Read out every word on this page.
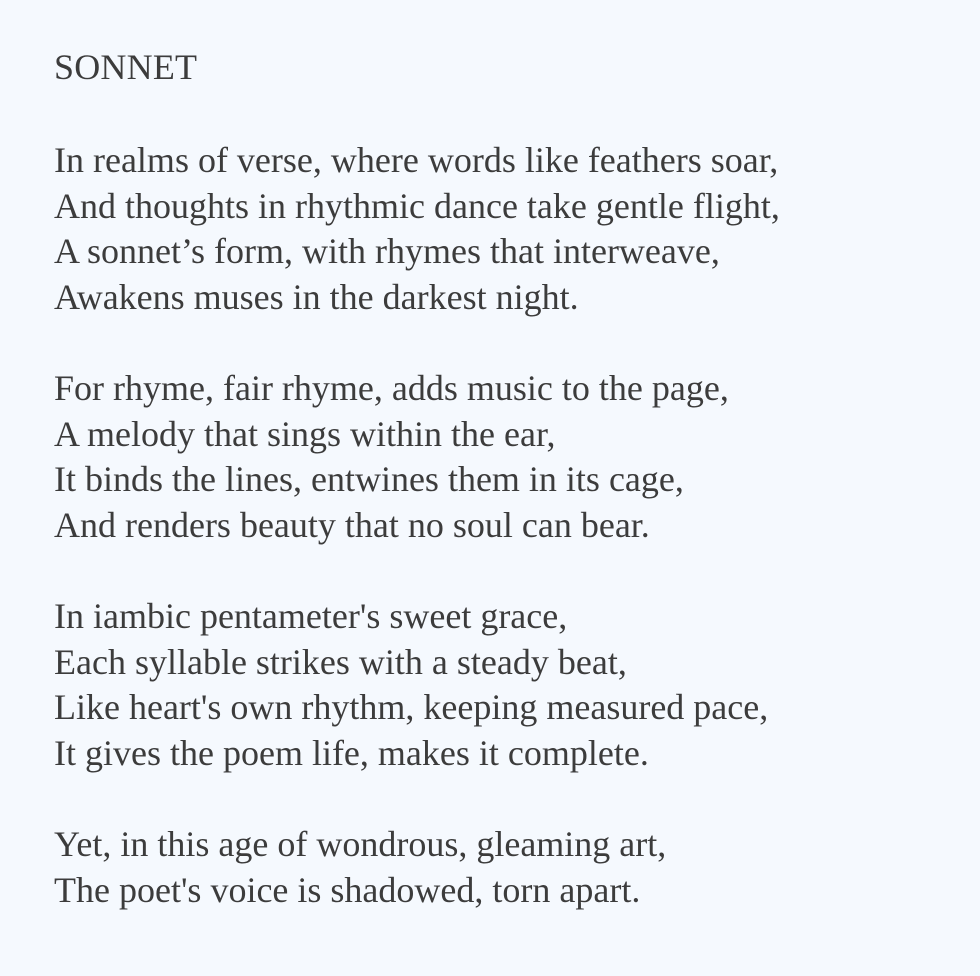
SONNET
In realms of verse, where words like feathers soar,
And thoughts in rhythmic dance take gentle flight,
A sonnet’s form, with rhymes that interweave,
Awakens muses in the darkest night.
For rhyme, fair rhyme, adds music to the page,
A melody that sings within the ear,
It binds the lines, entwines them in its cage,
And renders beauty that no soul can bear.
In iambic pentameter's sweet grace,
Each syllable strikes with a steady beat,
Like heart's own rhythm, keeping measured pace,
It gives the poem life, makes it complete.
Yet, in this age of wondrous, gleaming art,
The poet's voice is shadowed, torn apart.
